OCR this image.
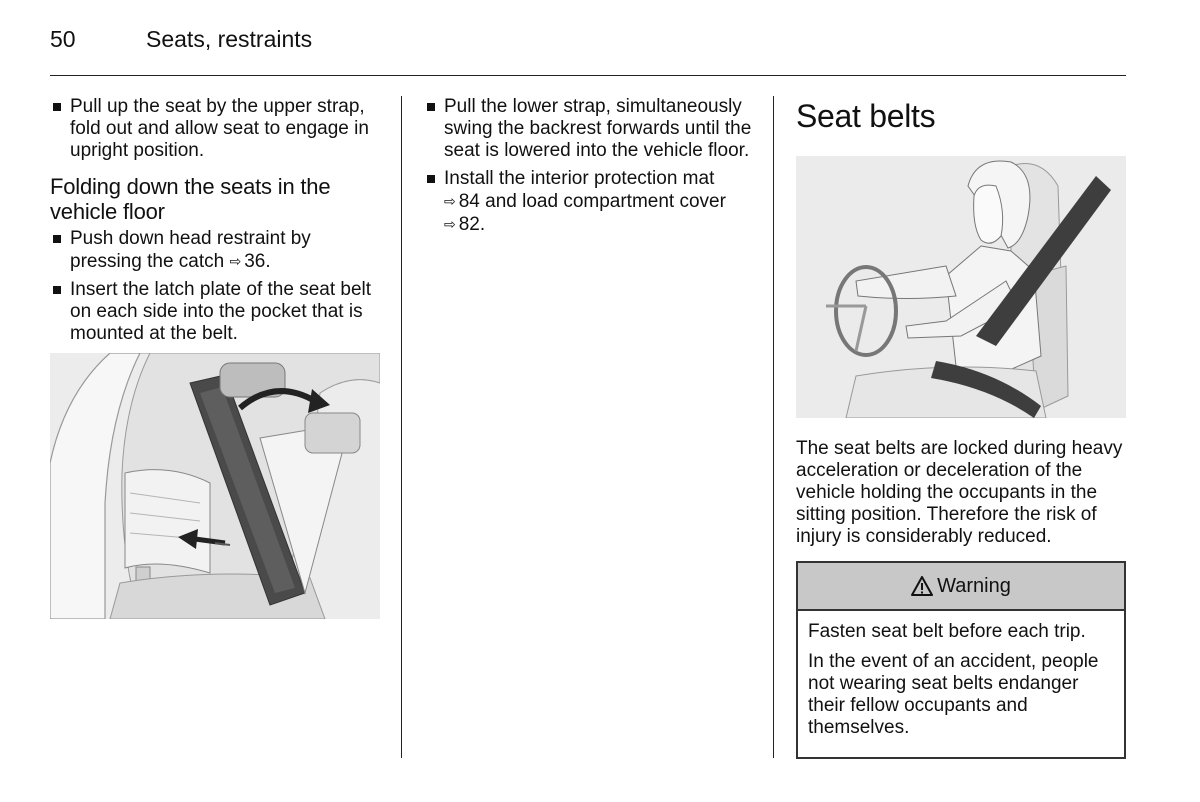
50	Seats, restraints
Pull up the seat by the upper strap, fold out and allow seat to engage in upright position.
Folding down the seats in the vehicle floor
Push down head restraint by pressing the catch ⇨ 36.
Insert the latch plate of the seat belt on each side into the pocket that is mounted at the belt.
Pull the lower strap, simultaneously swing the backrest forwards until the seat is lowered into the vehicle floor.
Install the interior protection mat
⇨ 84 and load compartment cover
⇨ 82.
Seat belts

The seat belts are locked during heavy acceleration or deceleration of the vehicle holding the occupants in the sitting position. Therefore the risk of injury is considerably reduced.

Warning

Fasten seat belt before each trip.

In the event of an accident, people not wearing seat belts endanger their fellow occupants and themselves.
